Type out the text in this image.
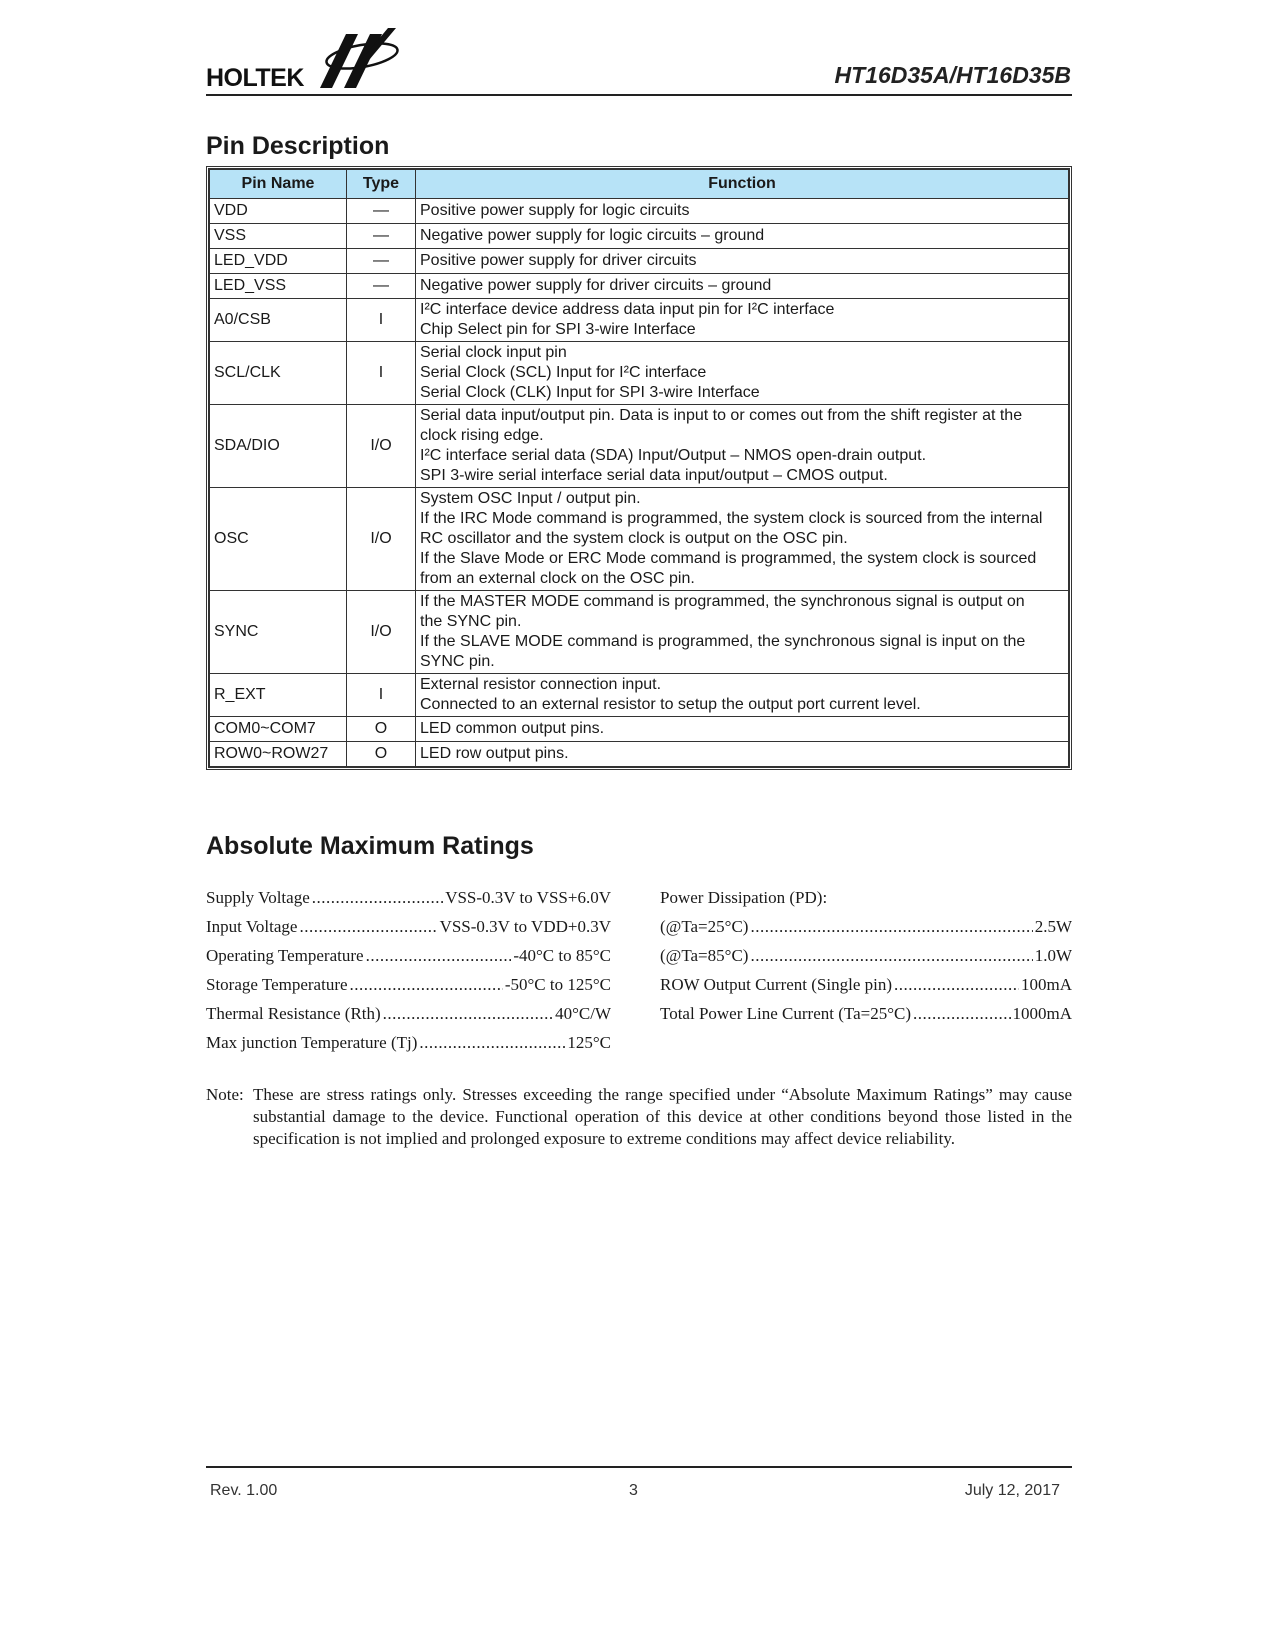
HOLTEK	HT16D35A/HT16D35B
Pin Description
Pin Name	Type	Function
VDD	—	Positive power supply for logic circuits

VSS	—	Negative power supply for logic circuits – ground

LED_VDD	—	Positive power supply for driver circuits

LED_VSS	—	Negative power supply for driver circuits – ground

A0/CSB	I	I²C interface device address data input pin for I²C interface
Chip Select pin for SPI 3-wire Interface

SCL/CLK	I	Serial clock input pin
Serial Clock (SCL) Input for I²C interface
Serial Clock (CLK) Input for SPI 3-wire Interface

SDA/DIO	I/O	Serial data input/output pin. Data is input to or comes out from the shift register at the
clock rising edge.
I²C interface serial data (SDA) Input/Output – NMOS open-drain output.
SPI 3-wire serial interface serial data input/output – CMOS output.

OSC	I/O	System OSC Input / output pin.
If the IRC Mode command is programmed, the system clock is sourced from the internal
RC oscillator and the system clock is output on the OSC pin.
If the Slave Mode or ERC Mode command is programmed, the system clock is sourced
from an external clock on the OSC pin.

SYNC	I/O	If the MASTER MODE command is programmed, the synchronous signal is output on
the SYNC pin.
If the SLAVE MODE command is programmed, the synchronous signal is input on the
SYNC pin.

R_EXT	I	External resistor connection input.
Connected to an external resistor to setup the output port current level.

COM0~COM7	O	LED common output pins.

ROW0~ROW27	O	LED row output pins.
Absolute Maximum Ratings
Supply Voltage .....	VSS-0.3V to VSS+6.0V
Input Voltage .....	VSS-0.3V to VDD+0.3V
Operating Temperature .....	-40°C to 85°C
Storage Temperature .....	-50°C to 125°C
Thermal Resistance (Rth) .....	40°C/W
Max junction Temperature (Tj) .....	125°C
Power Dissipation (PD):
(@Ta=25°C) .....	2.5W
(@Ta=85°C) .....	1.0W
ROW Output Current (Single pin) .....	100mA
Total Power Line Current (Ta=25°C) .....	1000mA
Note: These are stress ratings only. Stresses exceeding the range specified under “Absolute Maximum Ratings” may cause substantial damage to the device. Functional operation of this device at other conditions beyond those listed in the specification is not implied and prolonged exposure to extreme conditions may affect device reliability.
Rev. 1.00	3	July 12, 2017
